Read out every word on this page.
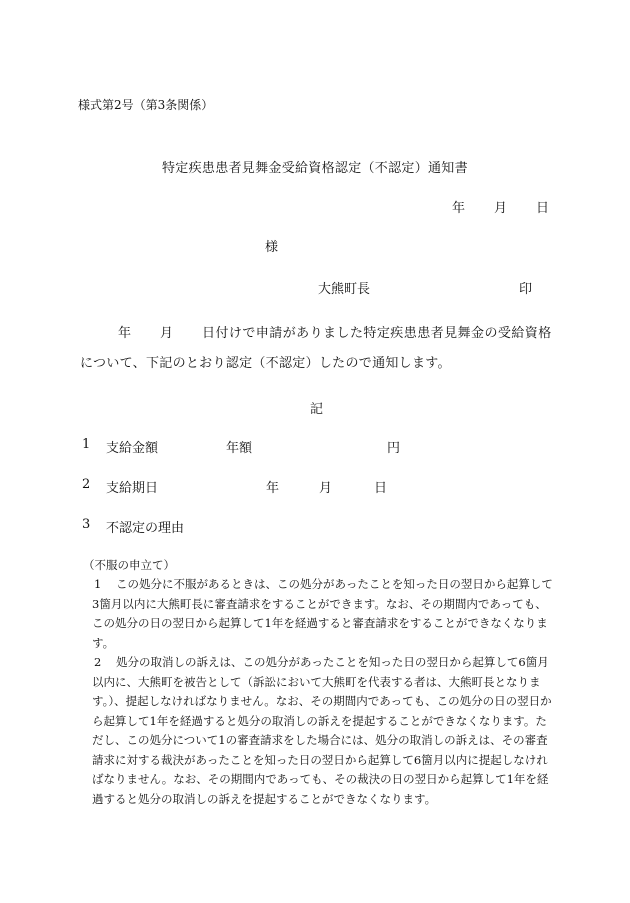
様式第2号（第3条関係）
特定疾患患者見舞金受給資格認定（不認定）通知書
年 月 日
様
大熊町長	印
年 月 日付けで申請がありました特定疾患患者見舞金の受給資格
について、下記のとおり認定（不認定）したので通知します。
記
1 支給金額	年額	円
2 支給期日	年	月	日
3 不認定の理由
（不服の申立て）
1 この処分に不服があるときは、この処分があったことを知った日の翌日から起算して3箇月以内に大熊町長に審査請求をすることができます。なお、その期間内であっても、この処分の日の翌日から起算して1年を経過すると審査請求をすることができなくなります。
2 処分の取消しの訴えは、この処分があったことを知った日の翌日から起算して6箇月以内に、大熊町を被告として（訴訟において大熊町を代表する者は、大熊町長となります。）、提起しなければなりません。なお、その期間内であっても、この処分の日の翌日から起算して1年を経過すると処分の取消しの訴えを提起することができなくなります。ただし、この処分について1の審査請求をした場合には、処分の取消しの訴えは、その審査請求に対する裁決があったことを知った日の翌日から起算して6箇月以内に提起しなければなりません。なお、その期間内であっても、その裁決の日の翌日から起算して1年を経過すると処分の取消しの訴えを提起することができなくなります。
